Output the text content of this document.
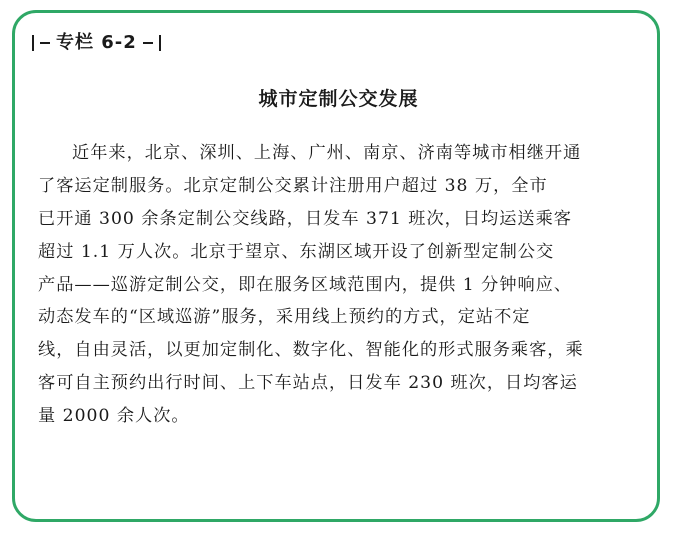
专栏 6-2
城市定制公交发展
近年来，北京、深圳、上海、广州、南京、济南等城市相继开通
了客运定制服务。北京定制公交累计注册用户超过 38 万，全市
已开通 300 余条定制公交线路，日发车 371 班次，日均运送乘客
超过 1.1 万人次。北京于望京、东湖区域开设了创新型定制公交
产品——巡游定制公交，即在服务区域范围内，提供 1 分钟响应、
动态发车的“区域巡游”服务，采用线上预约的方式，定站不定
线，自由灵活，以更加定制化、数字化、智能化的形式服务乘客，乘
客可自主预约出行时间、上下车站点，日发车 230 班次，日均客运
量 2000 余人次。
